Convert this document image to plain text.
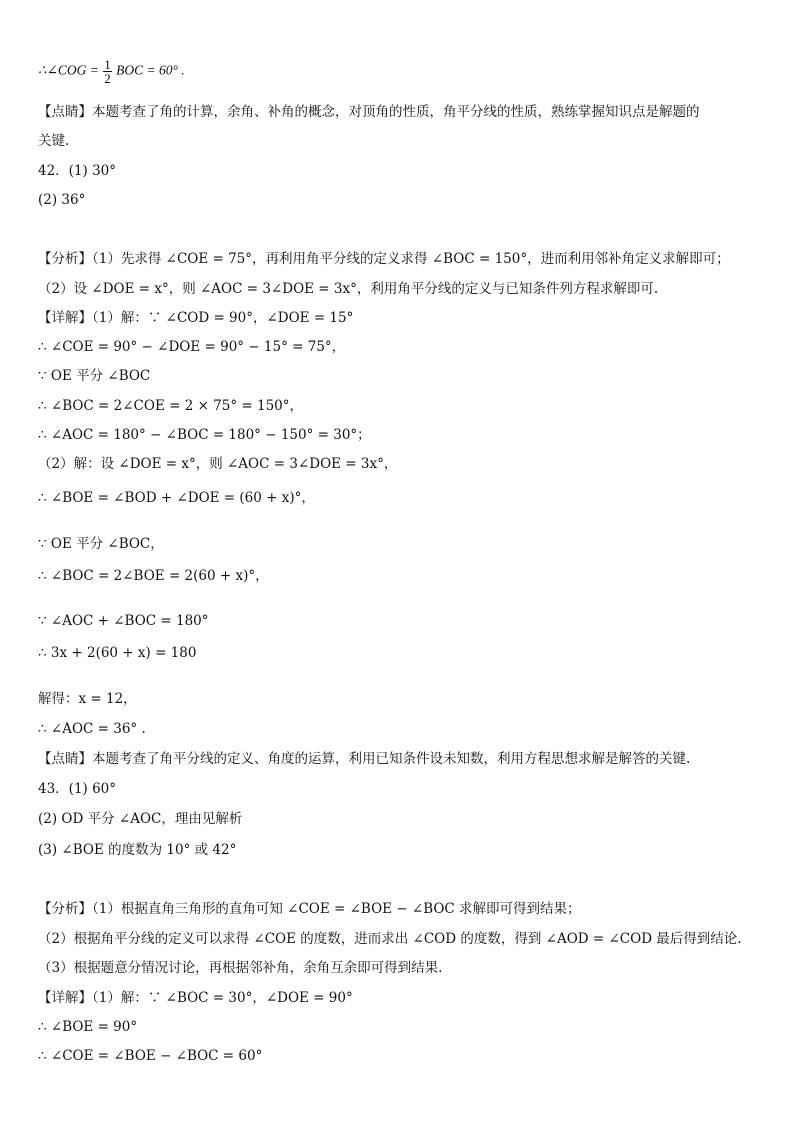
∴∠COG = $\frac{1}{2}$ BOC = 60° .
【点睛】本题考查了角的计算，余角、补角的概念，对顶角的性质，角平分线的性质，熟练掌握知识点是解题的
关键.
42．(1) 30°
(2) 36°
【分析】（1）先求得 ∠COE = 75°，再利用角平分线的定义求得 ∠BOC = 150°，进而利用邻补角定义求解即可；
（2）设 ∠DOE = x°，则 ∠AOC = 3∠DOE = 3x°，利用角平分线的定义与已知条件列方程求解即可.
【详解】（1）解：∵ ∠COD = 90°，∠DOE = 15°
∴ ∠COE = 90° − ∠DOE = 90° − 15° = 75°，
∵ OE 平分 ∠BOC
∴ ∠BOC = 2∠COE = 2 × 75° = 150°，
∴ ∠AOC = 180° − ∠BOC = 180° − 150° = 30°；
（2）解：设 ∠DOE = x°，则 ∠AOC = 3∠DOE = 3x°，
∴ ∠BOE = ∠BOD + ∠DOE = (60 + x)°，
∵ OE 平分 ∠BOC，
∴ ∠BOC = 2∠BOE = 2(60 + x)°，
∵ ∠AOC + ∠BOC = 180°
∴ 3x + 2(60 + x) = 180
解得：x = 12，
∴ ∠AOC = 36° .
【点睛】本题考查了角平分线的定义、角度的运算，利用已知条件设未知数，利用方程思想求解是解答的关键.
43．(1) 60°
(2) OD 平分 ∠AOC，理由见解析
(3) ∠BOE 的度数为 10° 或 42°
【分析】（1）根据直角三角形的直角可知 ∠COE = ∠BOE − ∠BOC 求解即可得到结果；
（2）根据角平分线的定义可以求得 ∠COE 的度数，进而求出 ∠COD 的度数，得到 ∠AOD = ∠COD 最后得到结论.
（3）根据题意分情况讨论，再根据邻补角，余角互余即可得到结果.
【详解】（1）解：∵ ∠BOC = 30°，∠DOE = 90°
∴ ∠BOE = 90°
∴ ∠COE = ∠BOE − ∠BOC = 60°
